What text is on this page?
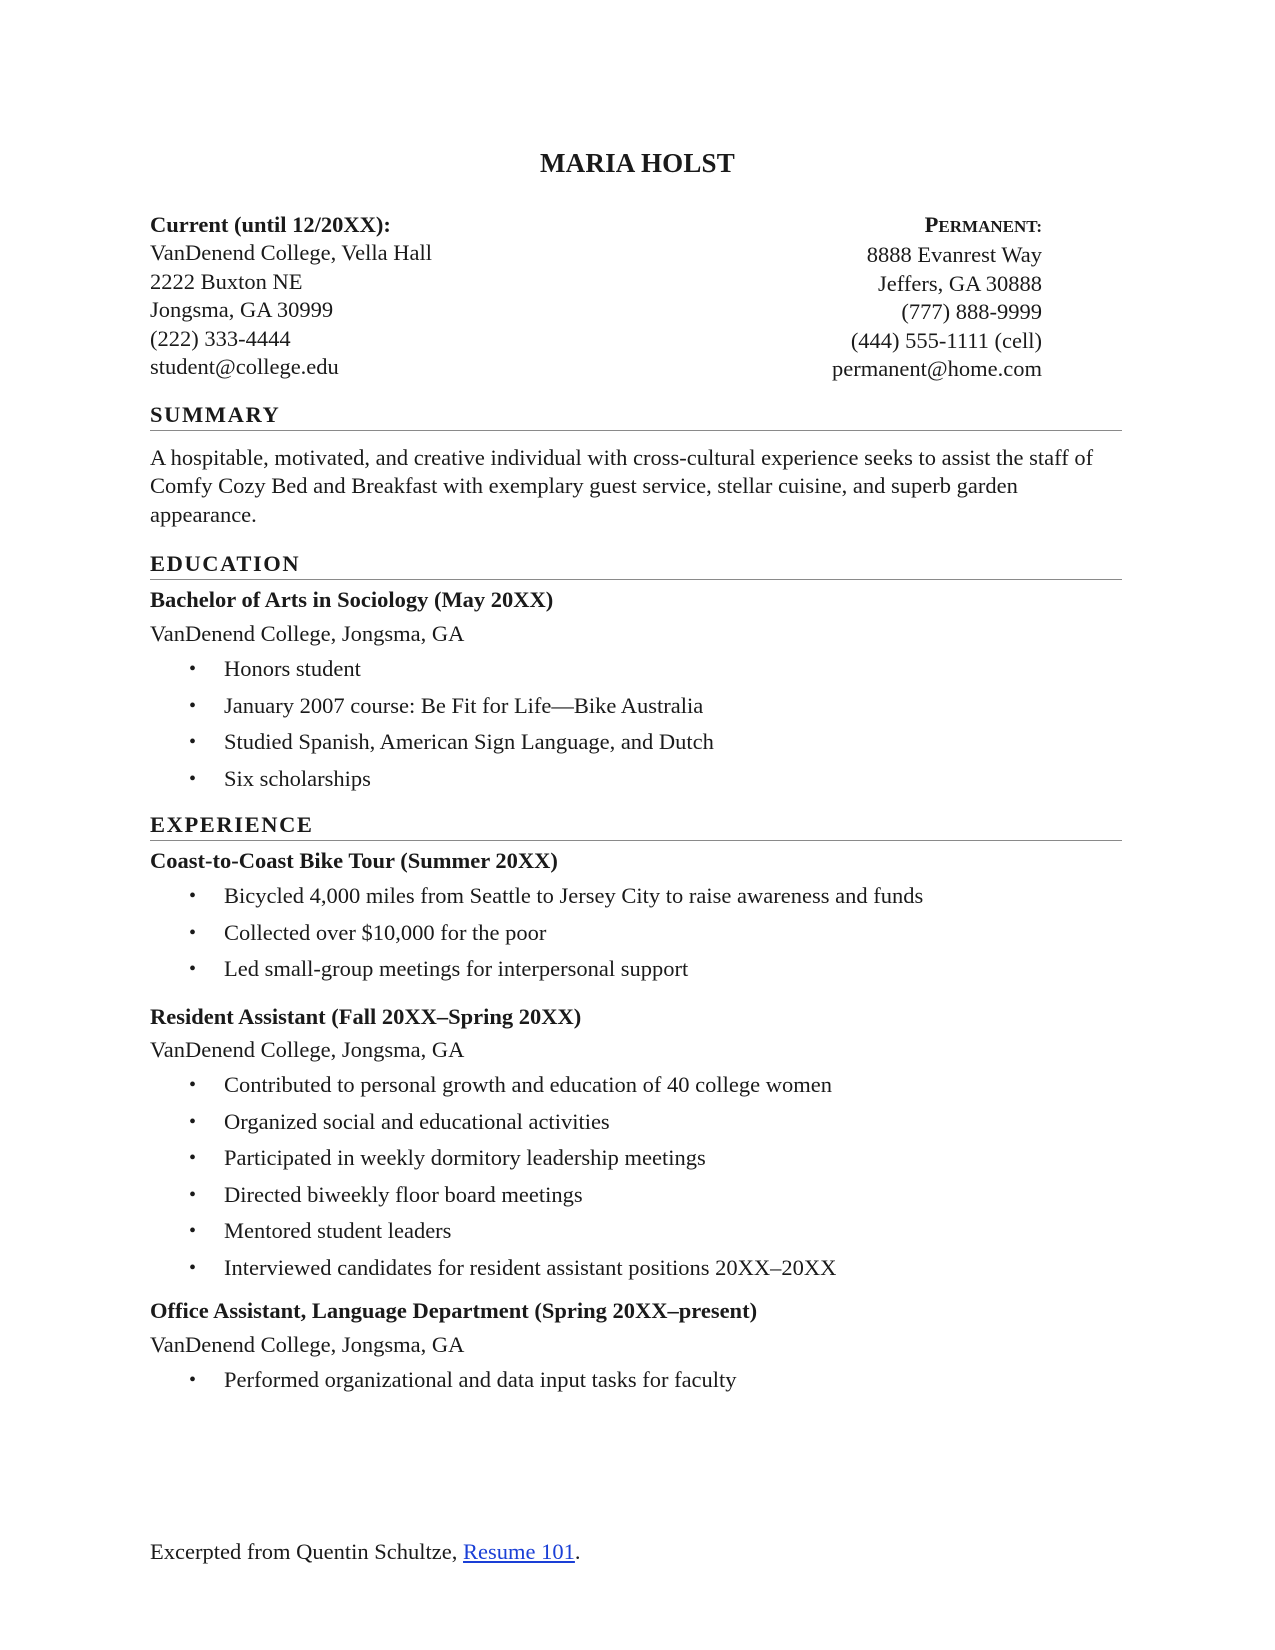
MARIA HOLST
Current (until 12/20XX):
VanDenend College, Vella Hall
2222 Buxton NE
Jongsma, GA 30999
(222) 333-4444
student@college.edu
PERMANENT:
8888 Evanrest Way
Jeffers, GA 30888
(777) 888-9999
(444) 555-1111 (cell)
permanent@home.com
SUMMARY
A hospitable, motivated, and creative individual with cross-cultural experience seeks to assist the staff of Comfy Cozy Bed and Breakfast with exemplary guest service, stellar cuisine, and superb garden appearance.
EDUCATION
Bachelor of Arts in Sociology (May 20XX)
VanDenend College, Jongsma, GA
• Honors student
• January 2007 course: Be Fit for Life—Bike Australia
• Studied Spanish, American Sign Language, and Dutch
• Six scholarships
EXPERIENCE
Coast-to-Coast Bike Tour (Summer 20XX)
• Bicycled 4,000 miles from Seattle to Jersey City to raise awareness and funds
• Collected over $10,000 for the poor
• Led small-group meetings for interpersonal support
Resident Assistant (Fall 20XX–Spring 20XX)
VanDenend College, Jongsma, GA
• Contributed to personal growth and education of 40 college women
• Organized social and educational activities
• Participated in weekly dormitory leadership meetings
• Directed biweekly floor board meetings
• Mentored student leaders
• Interviewed candidates for resident assistant positions 20XX–20XX
Office Assistant, Language Department (Spring 20XX–present)
VanDenend College, Jongsma, GA
• Performed organizational and data input tasks for faculty
Excerpted from Quentin Schultze, Resume 101.
